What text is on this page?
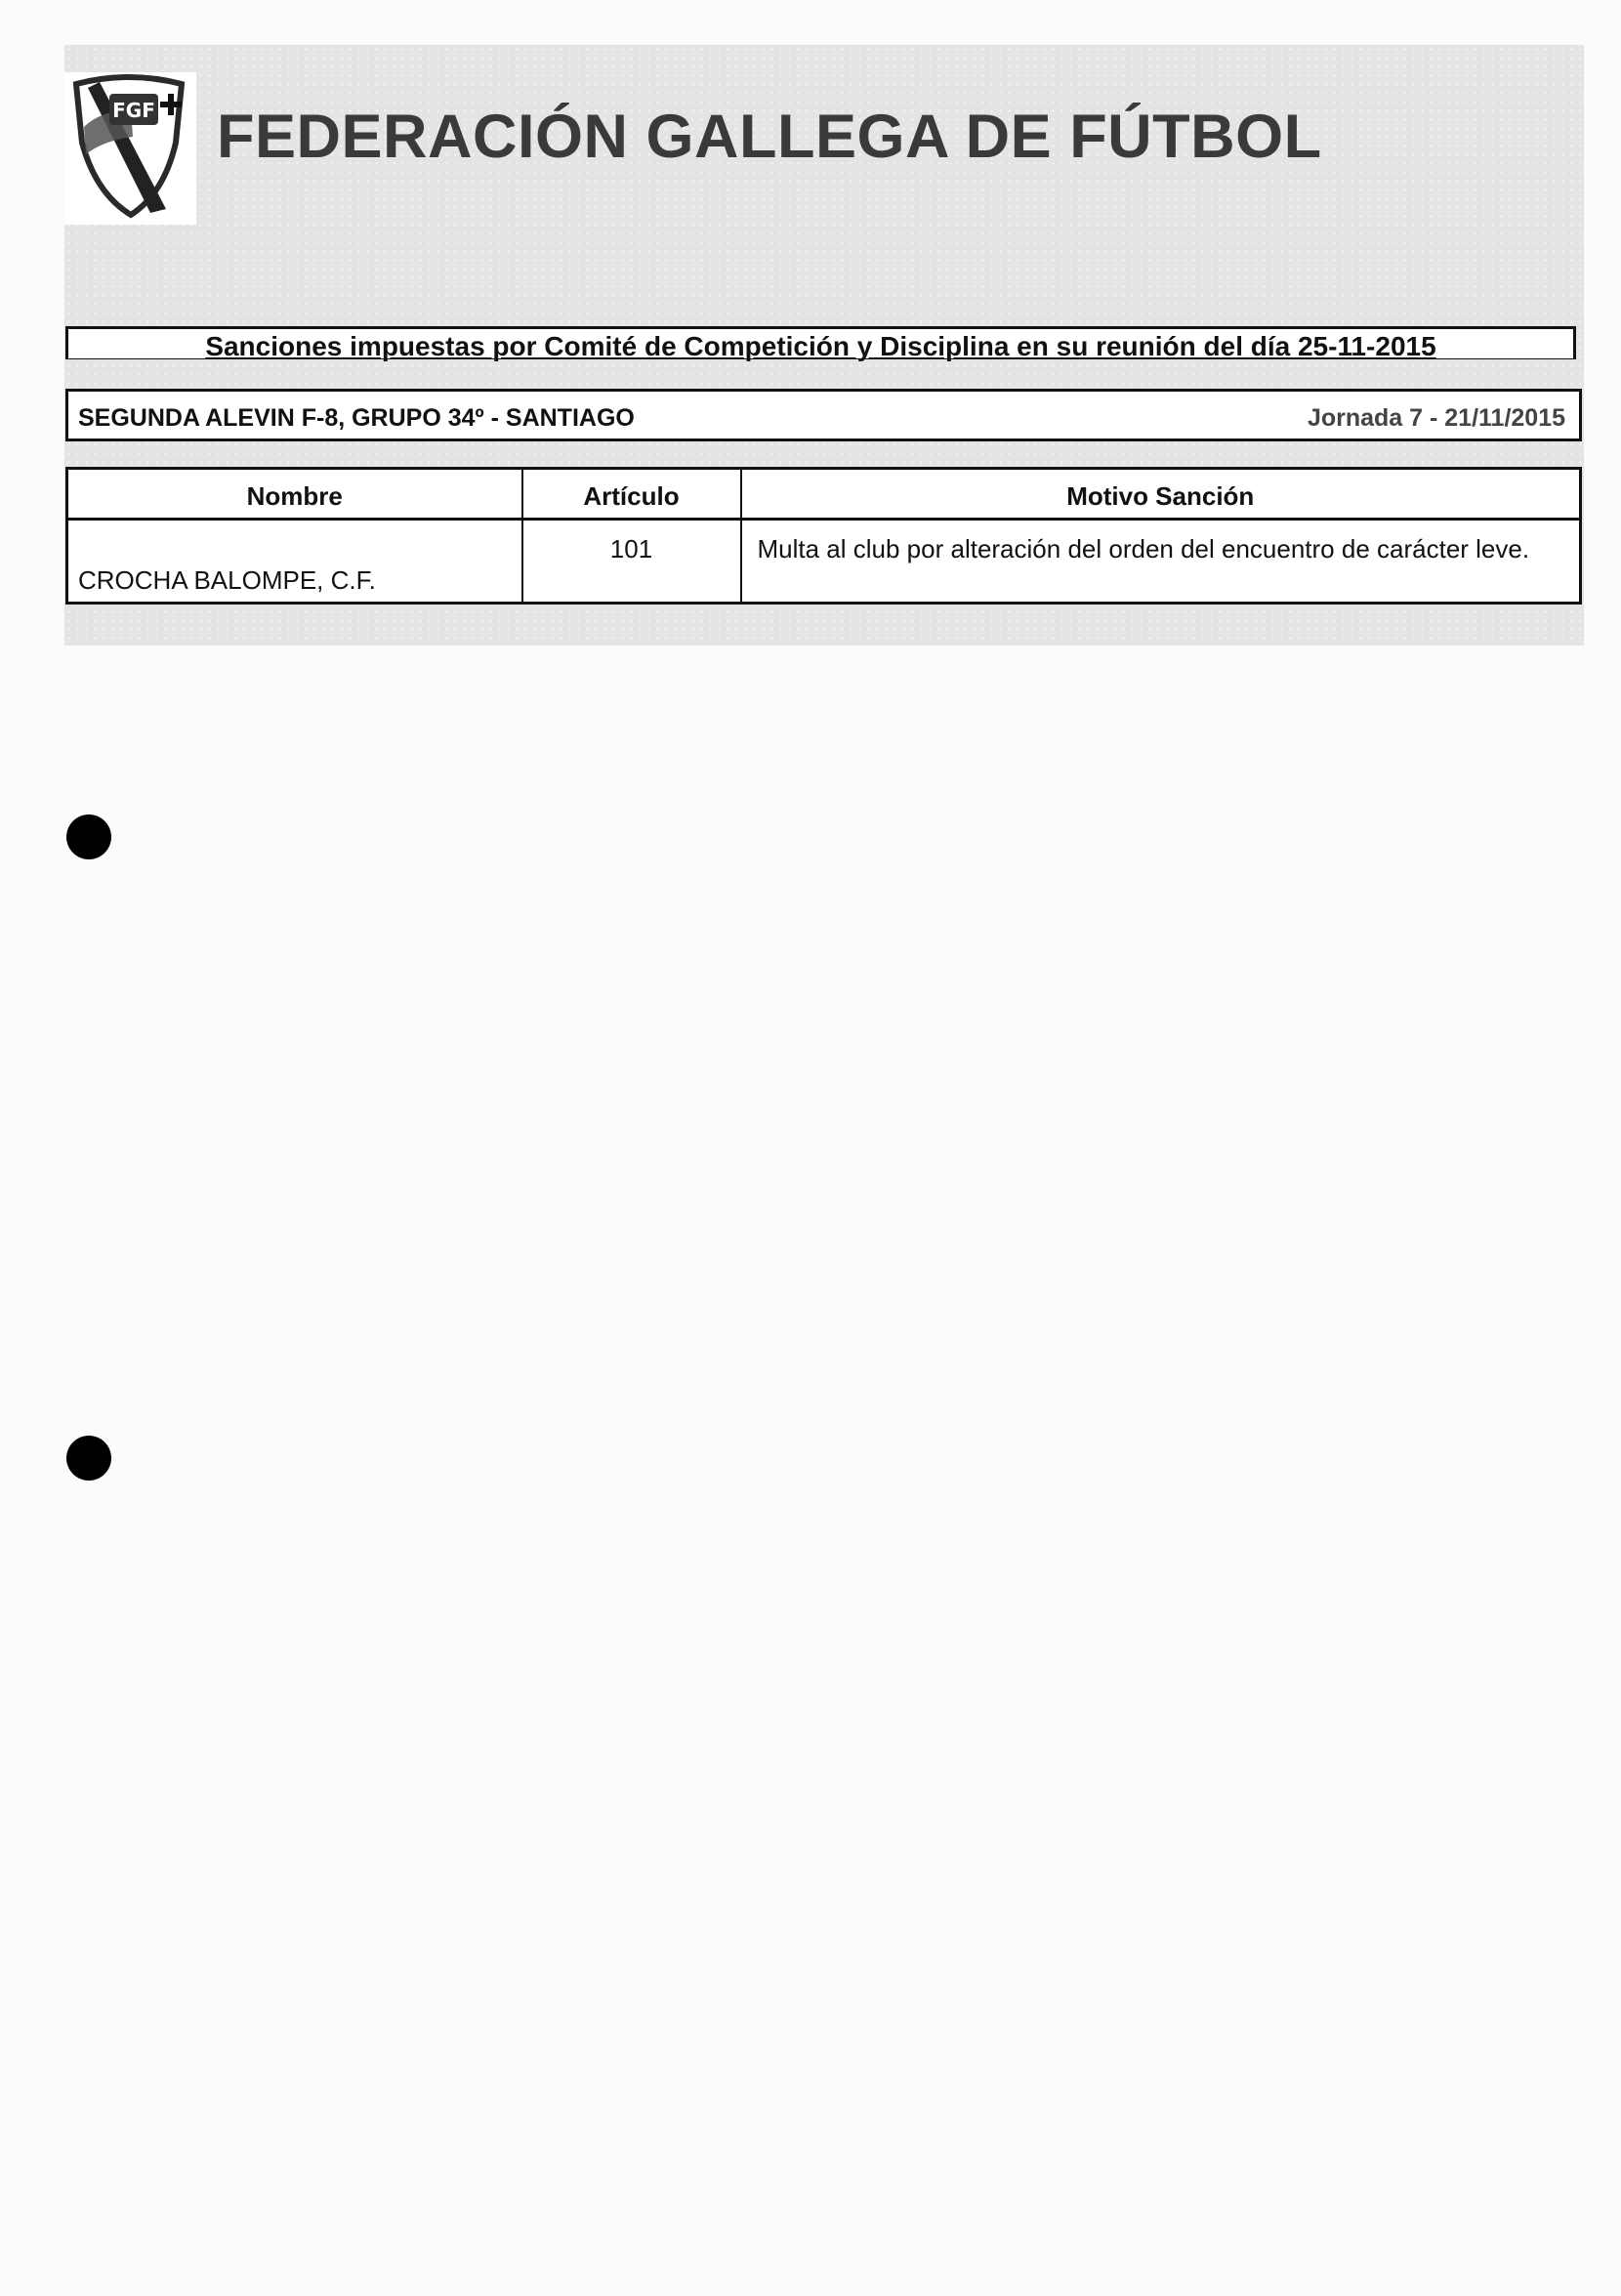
FGF FEDERACIÓN GALLEGA DE FÚTBOL
Sanciones impuestas por Comité de Competición y Disciplina en su reunión del día 25-11-2015
SEGUNDA ALEVIN F-8, GRUPO 34º - SANTIAGO	Jornada 7 - 21/11/2015
Nombre	Artículo	Motivo Sanción
CROCHA BALOMPE, C.F.	101	Multa al club por alteración del orden del encuentro de carácter leve.
